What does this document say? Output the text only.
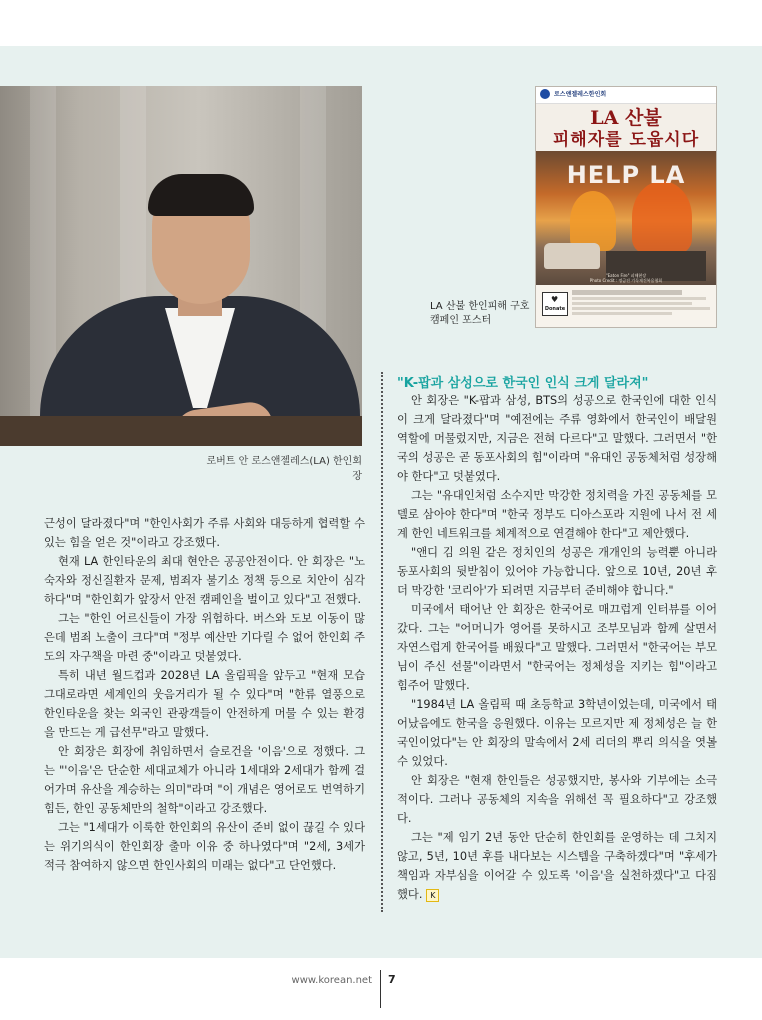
로버트 안 로스앤젤레스(LA) 한인회장
로스앤젤레스한인회
LA 산불
피해자를 도웁시다
HELP LA
"Eaton Fire" 피해현장
Photo Credit : 정금진 기독재건복음협회
♥
Donate
LA 산불 한인피해 구호
캠페인 포스터
"K-팝과 삼성으로 한국인 인식 크게 달라져"

안 회장은 "K-팝과 삼성, BTS의 성공으로 한국인에 대한 인식이 크게 달라졌다"며 "예전에는 주류 영화에서 한국인이 배달원 역할에 머물렀지만, 지금은 전혀 다르다"고 말했다. 그러면서 "한국의 성공은 곧 동포사회의 힘"이라며 "유대인 공동체처럼 성장해야 한다"고 덧붙였다.

그는 "유대인처럼 소수지만 막강한 정치력을 가진 공동체를 모델로 삼아야 한다"며 "한국 정부도 디아스포라 지원에 나서 전 세계 한인 네트워크를 체계적으로 연결해야 한다"고 제안했다.

"앤디 김 의원 같은 정치인의 성공은 개개인의 능력뿐 아니라 동포사회의 뒷받침이 있어야 가능합니다. 앞으로 10년, 20년 후 더 막강한 '코리아'가 되려면 지금부터 준비해야 합니다."

미국에서 태어난 안 회장은 한국어로 매끄럽게 인터뷰를 이어갔다. 그는 "어머니가 영어를 못하시고 조부모님과 함께 살면서 자연스럽게 한국어를 배웠다"고 말했다. 그러면서 "한국어는 부모님이 주신 선물"이라면서 "한국어는 정체성을 지키는 힘"이라고 힘주어 말했다.

"1984년 LA 올림픽 때 초등학교 3학년이었는데, 미국에서 태어났음에도 한국을 응원했다. 이유는 모르지만 제 정체성은 늘 한국인이었다"는 안 회장의 말속에서 2세 리더의 뿌리 의식을 엿볼 수 있었다.

안 회장은 "현재 한인들은 성공했지만, 봉사와 기부에는 소극적이다. 그러나 공동체의 지속을 위해선 꼭 필요하다"고 강조했다.

그는 "제 임기 2년 동안 단순히 한인회를 운영하는 데 그치지 않고, 5년, 10년 후를 내다보는 시스템을 구축하겠다"며 "후세가 책임과 자부심을 이어갈 수 있도록 '이음'을 실천하겠다"고 다짐했다. K

근성이 달라졌다"며 "한인사회가 주류 사회와 대등하게 협력할 수 있는 힘을 얻은 것"이라고 강조했다.

현재 LA 한인타운의 최대 현안은 공공안전이다. 안 회장은 "노숙자와 정신질환자 문제, 범죄자 불기소 정책 등으로 치안이 심각하다"며 "한인회가 앞장서 안전 캠페인을 벌이고 있다"고 전했다.

그는 "한인 어르신들이 가장 위험하다. 버스와 도보 이동이 많은데 범죄 노출이 크다"며 "정부 예산만 기다릴 수 없어 한인회 주도의 자구책을 마련 중"이라고 덧붙였다.

특히 내년 월드컵과 2028년 LA 올림픽을 앞두고 "현재 모습 그대로라면 세계인의 웃음거리가 될 수 있다"며 "한류 열풍으로 한인타운을 찾는 외국인 관광객들이 안전하게 머물 수 있는 환경을 만드는 게 급선무"라고 말했다.

안 회장은 회장에 취임하면서 슬로건을 '이음'으로 정했다. 그는 "'이음'은 단순한 세대교체가 아니라 1세대와 2세대가 함께 걸어가며 유산을 계승하는 의미"라며 "이 개념은 영어로도 번역하기 힘든, 한인 공동체만의 철학"이라고 강조했다.

그는 "1세대가 이룩한 한인회의 유산이 준비 없이 끊길 수 있다는 위기의식이 한인회장 출마 이유 중 하나였다"며 "2세, 3세가 적극 참여하지 않으면 한인사회의 미래는 없다"고 단언했다.

www.korean.net 7
